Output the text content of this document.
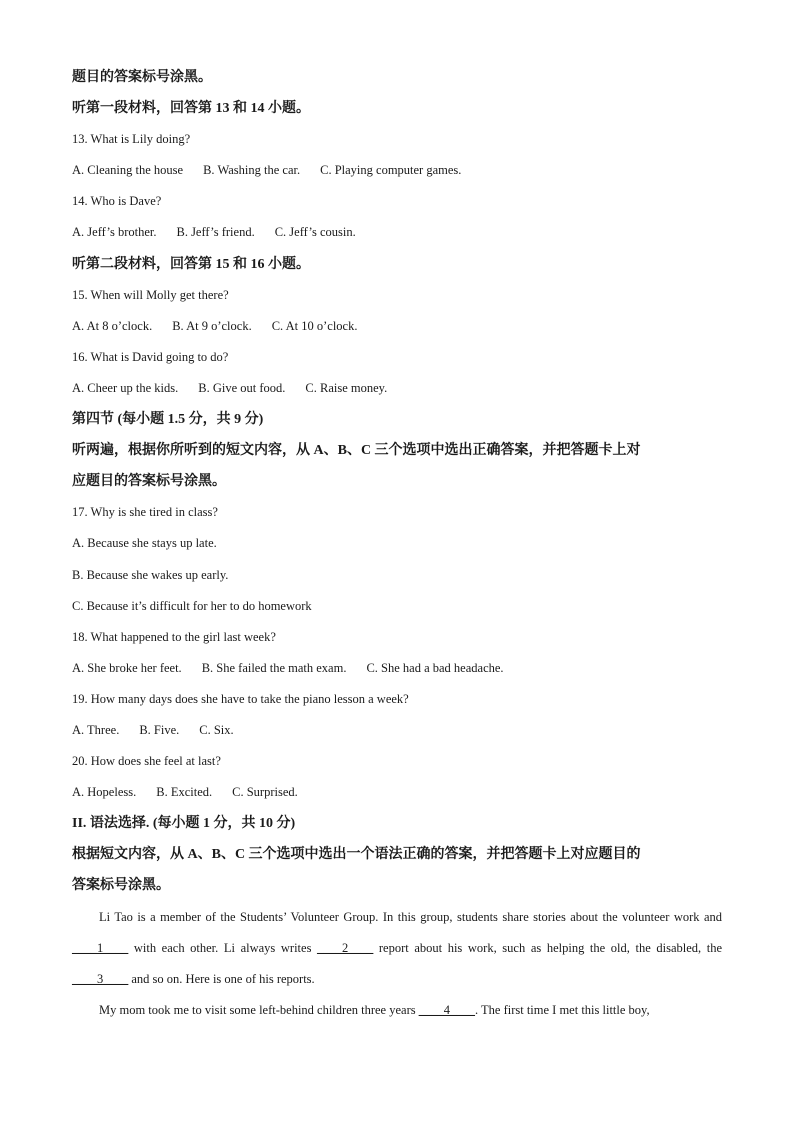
题目的答案标号涂黑。
听第一段材料，回答第 13 和 14 小题。
13. What is Lily doing?
A. Cleaning the house B. Washing the car. C. Playing computer games.
14. Who is Dave?
A. Jeff’s brother. B. Jeff’s friend. C. Jeff’s cousin.
听第二段材料，回答第 15 和 16 小题。
15. When will Molly get there?
A. At 8 o’clock. B. At 9 o’clock. C. At 10 o’clock.
16. What is David going to do?
A. Cheer up the kids. B. Give out food. C. Raise money.
第四节 (每小题 1.5 分，共 9 分)
听两遍，根据你所听到的短文内容，从 A、B、C 三个选项中选出正确答案，并把答题卡上对
应题目的答案标号涂黑。
17. Why is she tired in class?
A. Because she stays up late.
B. Because she wakes up early.
C. Because it’s difficult for her to do homework
18. What happened to the girl last week?
A. She broke her feet. B. She failed the math exam. C. She had a bad headache.
19. How many days does she have to take the piano lesson a week?
A. Three. B. Five. C. Six.
20. How does she feel at last?
A. Hopeless. B. Excited. C. Surprised.
II. 语法选择. (每小题 1 分，共 10 分)
根据短文内容，从 A、B、C 三个选项中选出一个语法正确的答案，并把答题卡上对应题目的
答案标号涂黑。

Li Tao is a member of the Students’ Volunteer Group. In this group, students share stories about the volunteer work and ____1____ with each other. Li always writes ____2____ report about his work, such as helping the old, the disabled, the ____3____ and so on. Here is one of his reports.

My mom took me to visit some left-behind children three years ____4____. The first time I met this little boy,
